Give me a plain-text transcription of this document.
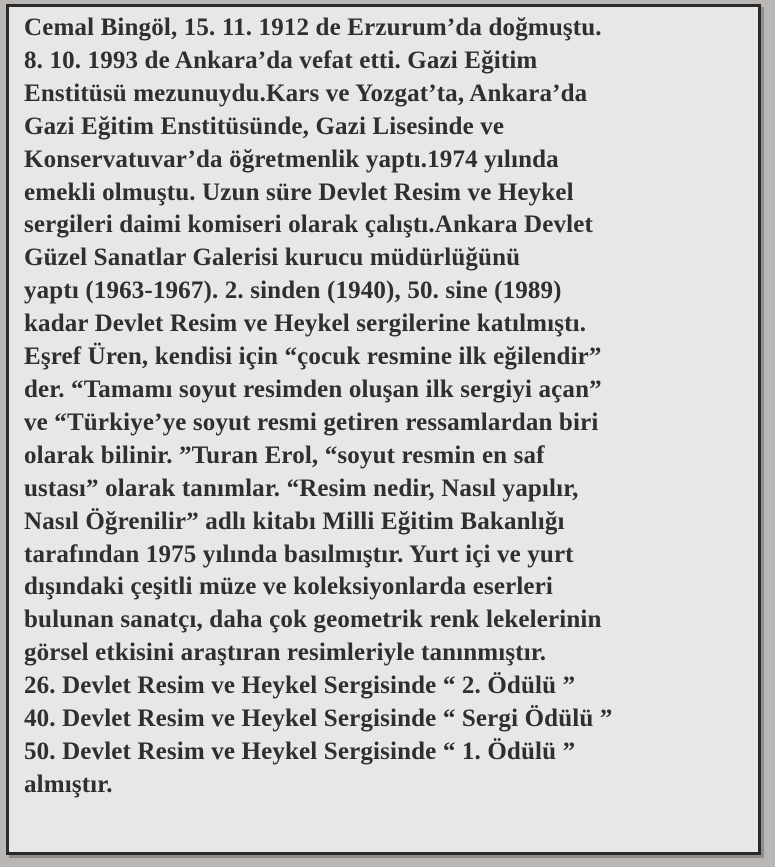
Cemal Bingöl, 15. 11. 1912 de Erzurum’da doğmuştu.
8. 10. 1993 de Ankara’da vefat etti. Gazi Eğitim
Enstitüsü mezunuydu.Kars ve Yozgat’ta, Ankara’da
Gazi Eğitim Enstitüsünde, Gazi Lisesinde ve
Konservatuvar’da öğretmenlik yaptı.1974 yılında
emekli olmuştu. Uzun süre Devlet Resim ve Heykel
sergileri daimi komiseri olarak çalıştı.Ankara Devlet
Güzel Sanatlar Galerisi kurucu müdürlüğünü
yaptı (1963-1967). 2. sinden (1940), 50. sine (1989)
kadar Devlet Resim ve Heykel sergilerine katılmıştı.
Eşref Üren, kendisi için “çocuk resmine ilk eğilendir”
der. “Tamamı soyut resimden oluşan ilk sergiyi açan”
ve “Türkiye’ye soyut resmi getiren ressamlardan biri
olarak bilinir. ”Turan Erol, “soyut resmin en saf
ustası” olarak tanımlar. “Resim nedir, Nasıl yapılır,
Nasıl Öğrenilir” adlı kitabı Milli Eğitim Bakanlığı
tarafından 1975 yılında basılmıştır. Yurt içi ve yurt
dışındaki çeşitli müze ve koleksiyonlarda eserleri
bulunan sanatçı, daha çok geometrik renk lekelerinin
görsel etkisini araştıran resimleriyle tanınmıştır.
26. Devlet Resim ve Heykel Sergisinde “ 2. Ödülü ”
40. Devlet Resim ve Heykel Sergisinde “ Sergi Ödülü ”
50. Devlet Resim ve Heykel Sergisinde “ 1. Ödülü ”
almıştır.
